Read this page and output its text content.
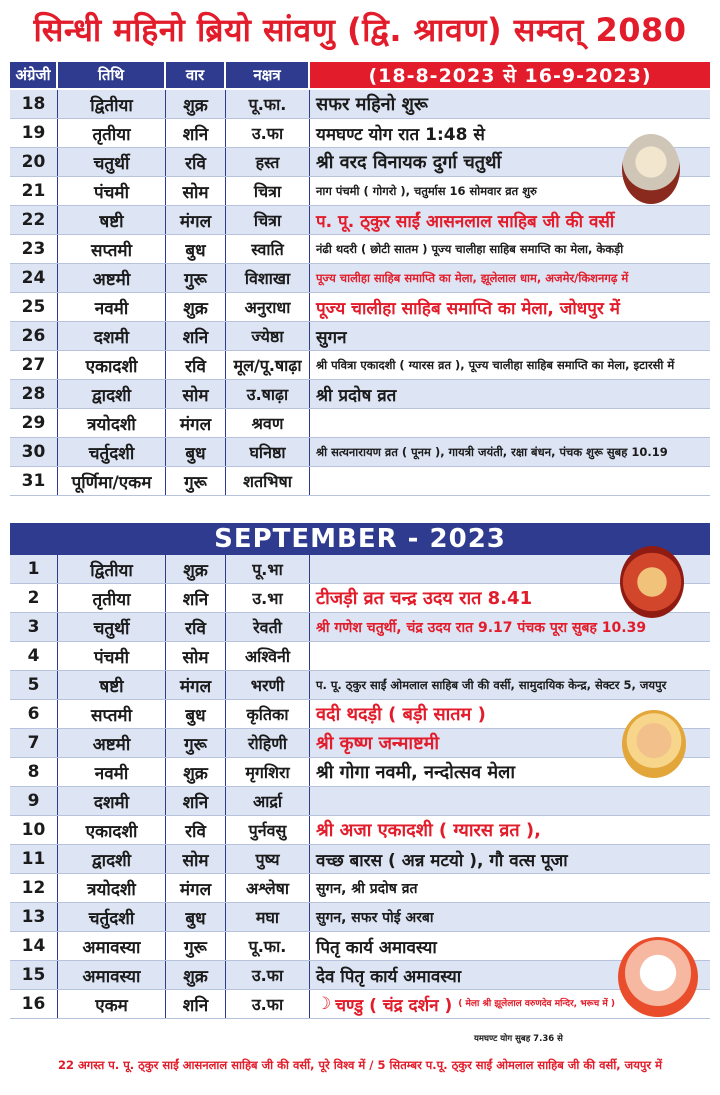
सिन्धी महिनो ब्रियो सांवणु (द्वि. श्रावण) सम्वत् 2080
अंग्रेजी	तिथि	वार	नक्षत्र	(18-8-2023 से 16-9-2023)
18	द्वितीया	शुक्र	पू.फा.	सफर महिनो शुरू
19	तृतीया	शनि	उ.फा	यमघण्ट योग रात 1:48 से
20	चतुर्थी	रवि	हस्त	श्री वरद विनायक दुर्गा चतुर्थी
21	पंचमी	सोम	चित्रा	नाग पंचमी ( गोगरो ), चतुर्मास 16 सोमवार व्रत शुरु
22	षष्टी	मंगल	चित्रा	प. पू. ठ्कुर साईं आसनलाल साहिब जी की वर्सी
23	सप्तमी	बुध	स्वाति	नंढी थदरी ( छोटी सातम ) पूज्य चालीहा साहिब समाप्ति का मेला, केकड़ी
24	अष्टमी	गुरू	विशाखा	पूज्य चालीहा साहिब समाप्ति का मेला, झूलेलाल धाम, अजमेर/किशनगढ़ में
25	नवमी	शुक्र	अनुराधा	पूज्य चालीहा साहिब समाप्ति का मेला, जोधपुर में
26	दशमी	शनि	ज्येष्ठा	सुगन
27	एकादशी	रवि	मूल/पू.षाढ़ा	श्री पवित्रा एकादशी ( ग्यारस व्रत ), पूज्य चालीहा साहिब समाप्ति का मेला, इटारसी में
28	द्वादशी	सोम	उ.षाढ़ा	श्री प्रदोष व्रत
29	त्रयोदशी	मंगल	श्रवण
30	चर्तुदशी	बुध	घनिष्ठा	श्री सत्यनारायण व्रत ( पूनम ), गायत्री जयंती, रक्षा बंधन, पंचक शुरू सुबह 10.19
31	पूर्णिमा/एकम	गुरू	शतभिषा
SEPTEMBER - 2023
1	द्वितीया	शुक्र	पू.भा
2	तृतीया	शनि	उ.भा	टीजड़ी व्रत चन्द्र उदय रात 8.41
3	चतुर्थी	रवि	रेवती	श्री गणेश चतुर्थी, चंद्र उदय रात 9.17 पंचक पूरा सुबह 10.39
4	पंचमी	सोम	अश्विनी
5	षष्टी	मंगल	भरणी	प. पू. ठ्कुर साईं ओमलाल साहिब जी की वर्सी, सामुदायिक केन्द्र, सेक्टर 5, जयपुर
6	सप्तमी	बुध	कृतिका	वदी थदड़ी ( बड़ी सातम )
7	अष्टमी	गुरू	रोहिणी	श्री कृष्ण जन्माष्टमी
8	नवमी	शुक्र	मृगशिरा	श्री गोगा नवमी, नन्दोत्सव मेला
9	दशमी	शनि	आर्द्रा
10	एकादशी	रवि	पुर्नवसु	श्री अजा एकादशी ( ग्यारस व्रत ),
11	द्वादशी	सोम	पुष्य	वच्छ बारस ( अन्न मटयो ), गौ वत्स पूजा
12	त्रयोदशी	मंगल	अश्लेषा	सुगन, श्री प्रदोष व्रत
13	चर्तुदशी	बुध	मघा	सुगन, सफर पोई अरबा
14	अमावस्या	गुरू	पू.फा.	पितृ कार्य अमावस्या
15	अमावस्या	शुक्र	उ.फा	देव पितृ कार्य अमावस्या
16	एकम	शनि	उ.फा	☽ चण्डु ( चंद्र दर्शन ) ( मेला श्री झूलेलाल वरुणदेव मन्दिर, भरूच में )
22 अगस्त प. पू. ठ्कुर साईं आसनलाल साहिब जी की वर्सी, पूरे विश्व में / 5 सितम्बर प.पू. ठ्कुर साईं ओमलाल साहिब जी की वर्सी, जयपुर में
यमघण्ट योग सुबह 7.36 से
